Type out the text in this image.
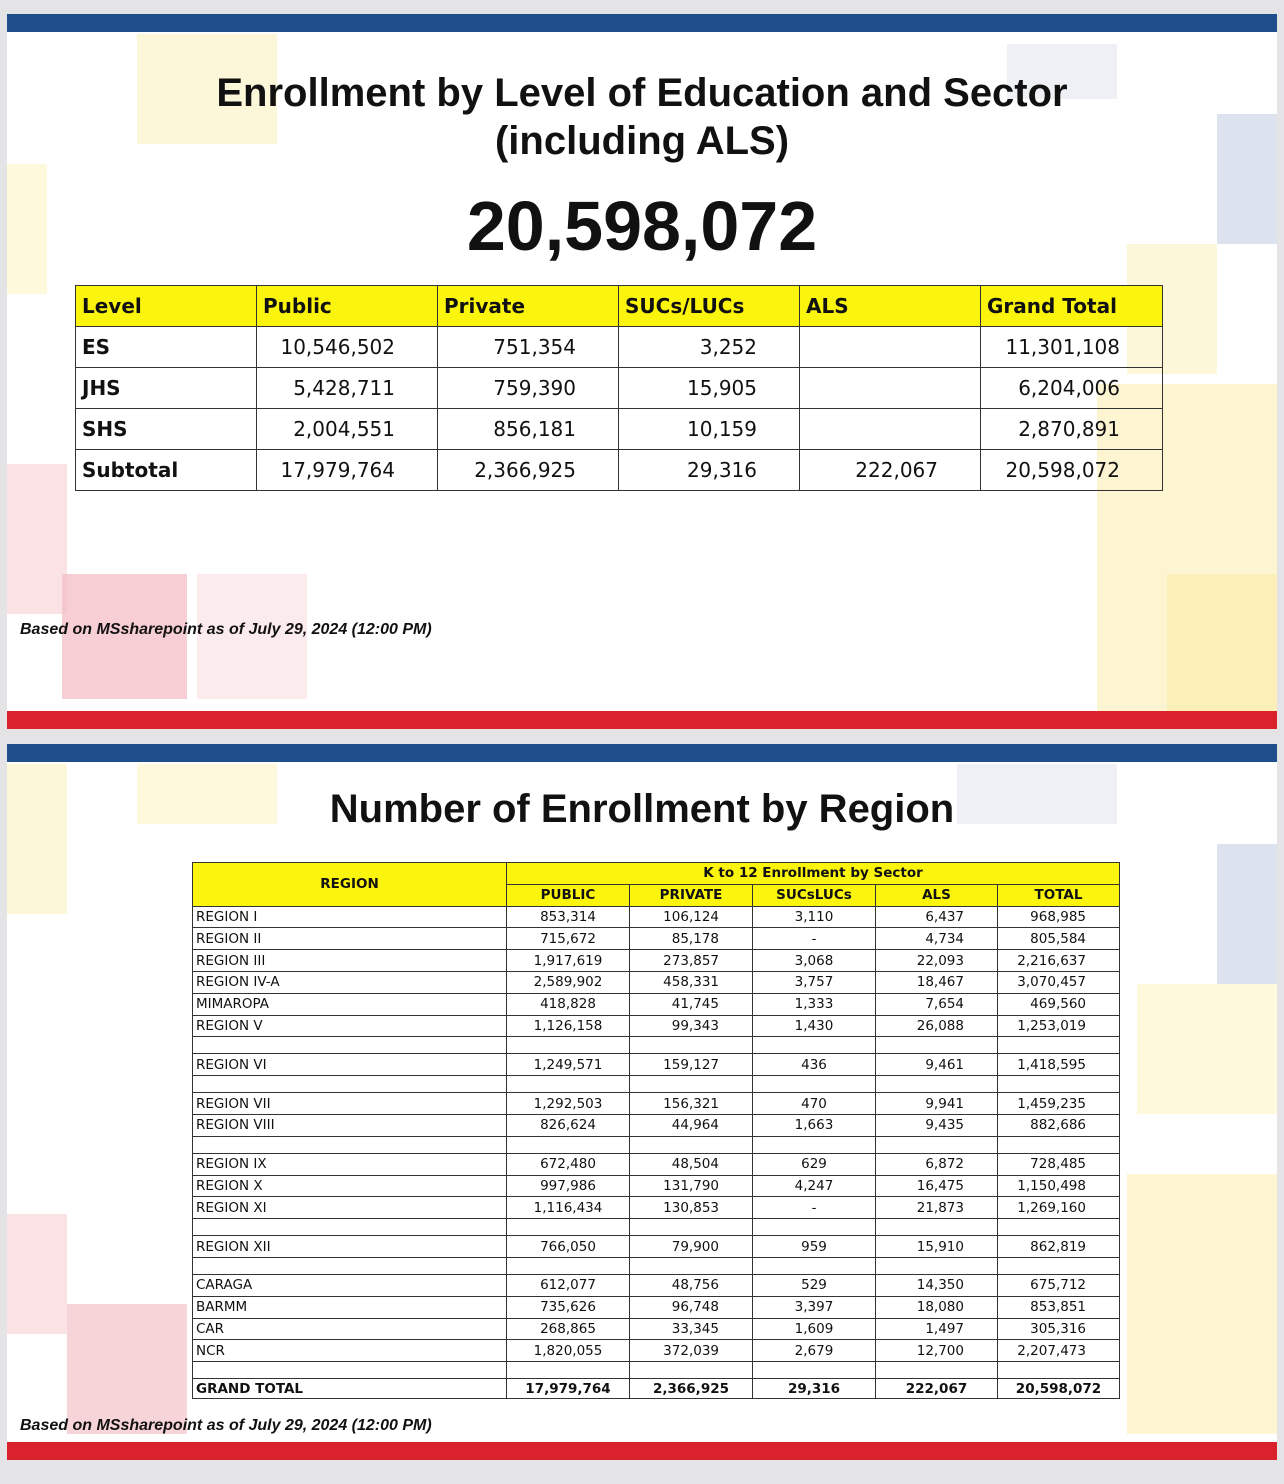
Enrollment by Level of Education and Sector
(including ALS)
20,598,072
Level	Public	Private	SUCs/LUCs	ALS	Grand Total
ES	10,546,502	751,354	3,252		11,301,108
JHS	5,428,711	759,390	15,905		6,204,006
SHS	2,004,551	856,181	10,159		2,870,891
Subtotal	17,979,764	2,366,925	29,316	222,067	20,598,072
Based on MSsharepoint as of July 29, 2024 (12:00 PM)
Number of Enrollment by Region
REGION	K to 12 Enrollment by Sector				
	PUBLIC	PRIVATE	SUCsLUCs	ALS	TOTAL
REGION I	853,314	106,124	3,110	6,437	968,985
REGION II	715,672	85,178	-	4,734	805,584
REGION III	1,917,619	273,857	3,068	22,093	2,216,637
REGION IV-A	2,589,902	458,331	3,757	18,467	3,070,457
MIMAROPA	418,828	41,745	1,333	7,654	469,560
REGION V	1,126,158	99,343	1,430	26,088	1,253,019

REGION VI	1,249,571	159,127	436	9,461	1,418,595

REGION VII	1,292,503	156,321	470	9,941	1,459,235
REGION VIII	826,624	44,964	1,663	9,435	882,686

REGION IX	672,480	48,504	629	6,872	728,485
REGION X	997,986	131,790	4,247	16,475	1,150,498
REGION XI	1,116,434	130,853	-	21,873	1,269,160

REGION XII	766,050	79,900	959	15,910	862,819

CARAGA	612,077	48,756	529	14,350	675,712
BARMM	735,626	96,748	3,397	18,080	853,851
CAR	268,865	33,345	1,609	1,497	305,316
NCR	1,820,055	372,039	2,679	12,700	2,207,473

GRAND TOTAL	17,979,764	2,366,925	29,316	222,067	20,598,072
Based on MSsharepoint as of July 29, 2024 (12:00 PM)
